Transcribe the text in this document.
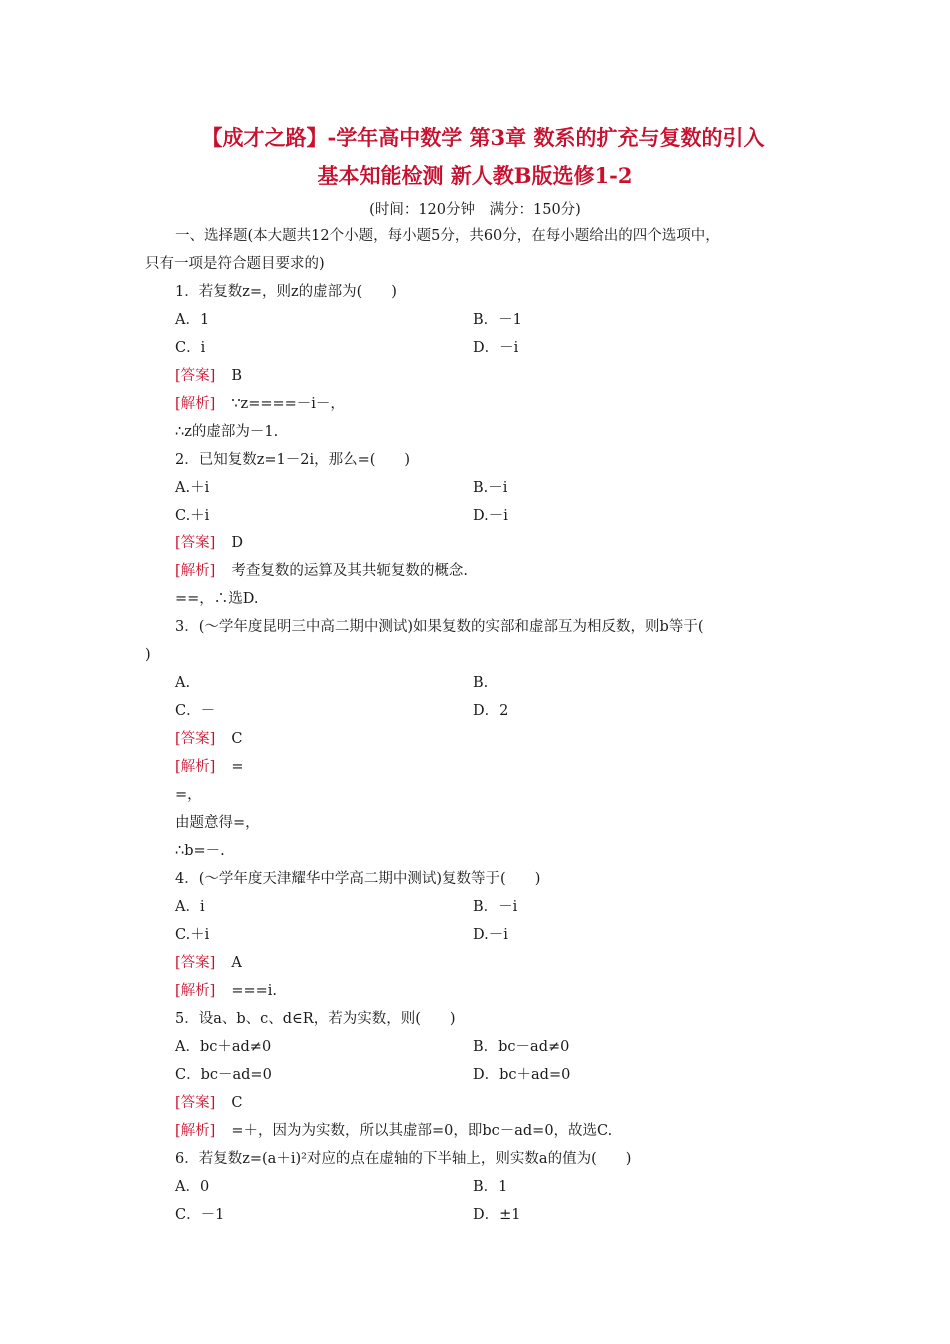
【成才之路】-学年高中数学 第3章 数系的扩充与复数的引入
基本知能检测 新人教B版选修1-2
(时间：120分钟　满分：150分)
一、选择题(本大题共12个小题，每小题5分，共60分，在每小题给出的四个选项中，
只有一项是符合题目要求的)
1．若复数z=，则z的虚部为(　　)
A．1	B．－1
C．i	D．－i
[答案] B
[解析] ∵z====－i－，
∴z的虚部为－1.
2．已知复数z=1－2i，那么=(　　)
A.＋i	B.－i
C.＋i	D.－i
[答案] D
[解析] 考查复数的运算及其共轭复数的概念.
==，∴选D.
3．(～学年度昆明三中高二期中测试)如果复数的实部和虚部互为相反数，则b等于(
)
A.	B.
C．－	D．2
[答案] C
[解析] =
=，
由题意得=，
∴b=－.
4．(～学年度天津耀华中学高二期中测试)复数等于(　　)
A．i	B．－i
C.＋i	D.－i
[答案] A
[解析] ===i.
5．设a、b、c、d∈R，若为实数，则(　　)
A．bc＋ad≠0	B．bc－ad≠0
C．bc－ad=0	D．bc＋ad=0
[答案] C
[解析] =＋，因为为实数，所以其虚部=0，即bc－ad=0，故选C.
6．若复数z=(a＋i)²对应的点在虚轴的下半轴上，则实数a的值为(　　)
A．0	B．1
C．－1	D．±1
